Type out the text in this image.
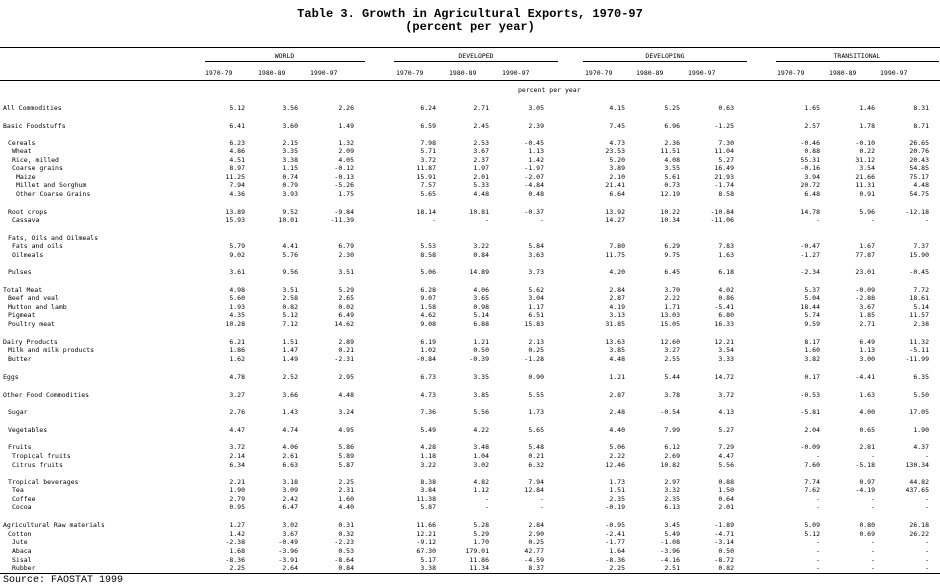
Table 3. Growth in Agricultural Exports, 1970-97
(percent per year)
WORLD	DEVELOPED	DEVELOPING	TRANSITIONAL
1970-79	1980-89	1990-97	1970-79	1980-89	1990-97	1970-79	1980-89	1990-97	1970-79	1980-89	1990-97
percent per year
All Commodities	5.12	3.56	2.26	6.24	2.71	3.05	4.15	5.25	0.63	1.65	1.46	8.31
Basic Foodstuffs	6.41	3.60	1.49	6.59	2.45	2.39	7.45	6.96	-1.25	2.57	1.78	8.71
Cereals	6.23	2.15	1.32	7.98	2.53	-0.45	4.73	2.36	7.30	-0.46	-0.10	26.65
Wheat	4.86	3.35	2.09	5.71	3.67	1.13	23.53	11.51	11.04	0.88	0.22	20.76
Rice, milled	4.51	3.38	4.05	3.72	2.37	1.42	5.20	4.08	5.27	55.31	31.12	20.43
Coarse grains	8.97	1.15	-0.12	11.87	1.97	-1.97	3.89	3.55	16.49	-0.16	3.54	54.85
Maize	11.25	0.74	-0.13	15.91	2.01	-2.07	2.10	5.61	21.93	3.94	21.66	75.17
Millet and Sorghum	7.94	0.79	-5.26	7.57	5.33	-4.84	21.41	0.73	-1.74	20.72	11.31	4.48
Other Coarse Grains	4.36	3.93	1.75	5.65	4.48	0.48	6.64	12.19	8.58	6.48	0.91	54.75
Root crops	13.89	9.52	-9.84	18.14	10.81	-0.37	13.92	10.22	-10.84	14.78	5.96	-12.18
Cassava	15.93	10.01	-11.39	-	-	-	14.27	10.34	-11.06	-	-	-
Fats, Oils and Oilmeals
Fats and oils	5.79	4.41	6.79	5.53	3.22	5.84	7.80	6.29	7.83	-0.47	1.67	7.37
Oilmeals	9.02	5.76	2.30	8.58	0.84	3.63	11.75	9.75	1.63	-1.27	77.87	15.90
Pulses	3.61	9.56	3.51	5.06	14.89	3.73	4.20	6.45	6.18	-2.34	23.01	-0.45
Total Meat	4.98	3.51	5.29	6.28	4.06	5.62	2.84	3.70	4.02	5.37	-0.09	7.72
Beef and veal	5.60	2.58	2.65	9.07	3.65	3.04	2.87	2.22	0.86	5.04	-2.88	18.61
Mutton and lamb	1.93	0.82	0.02	1.58	0.98	1.17	4.19	1.71	-5.41	18.44	3.67	5.14
Pigmeat	4.35	5.12	6.49	4.62	5.14	6.51	3.13	13.03	6.80	5.74	1.85	11.57
Poultry meat	10.28	7.12	14.62	9.08	6.88	15.83	31.85	15.05	16.33	9.59	2.71	2.38
Dairy Products	6.21	1.51	2.89	6.19	1.21	2.13	13.63	12.60	12.21	8.17	6.49	11.32
Milk and milk products	1.86	1.47	0.21	1.02	0.50	0.25	3.85	3.27	3.54	1.60	1.13	-5.11
Butter	1.62	1.49	-2.31	-0.84	-0.39	-1.28	4.48	2.55	3.33	3.82	3.00	-11.99
Eggs	4.78	2.52	2.95	6.73	3.35	0.90	1.21	5.44	14.72	0.17	-4.41	6.35
Other Food Commodities	3.27	3.66	4.48	4.73	3.85	5.55	2.87	3.78	3.72	-0.53	1.63	5.50
Sugar	2.76	1.43	3.24	7.36	5.56	1.73	2.48	-0.54	4.13	-5.81	4.00	17.05
Vegetables	4.47	4.74	4.95	5.49	4.22	5.65	4.40	7.99	5.27	2.04	0.65	1.90
Fruits	3.72	4.06	5.86	4.28	3.48	5.48	5.06	6.12	7.29	-0.09	2.81	4.37
Tropical fruits	2.14	2.61	5.89	1.18	1.04	0.21	2.22	2.69	4.47	-	-	-
Citrus fruits	6.34	6.63	5.87	3.22	3.02	6.32	12.46	10.82	5.56	7.60	-5.18	130.34
Tropical beverages	2.21	3.18	2.25	8.38	4.82	7.94	1.73	2.97	0.88	7.74	0.97	44.82
Tea	1.90	3.09	2.31	3.84	1.12	12.84	1.51	3.32	1.50	7.62	-4.19	437.65
Coffee	2.79	2.42	1.60	11.38	-	-	2.35	2.35	0.64	-	-	-
Cocoa	0.95	6.47	4.40	5.87	-	-	-0.19	6.13	2.01	-	-	-
Agricultural Raw materials	1.27	3.02	0.31	11.66	5.28	2.84	-0.95	3.45	-1.89	5.09	0.80	26.18
Cotton	1.42	3.67	0.32	12.21	5.29	2.90	-2.41	5.49	-4.71	5.12	0.69	26.22
Jute	-2.38	-0.49	-2.23	-9.12	1.70	0.25	-1.77	-1.08	-3.14	-	-	-
Abaca	1.68	-3.96	0.53	67.30	179.01	42.77	1.64	-3.96	0.50	-	-	-
Sisal	-8.36	-3.91	-8.64	5.17	11.86	-4.59	-8.36	-4.16	-8.72	-	-	-
Rubber	2.25	2.64	0.84	3.38	11.34	8.37	2.25	2.51	0.82	-	-	-
Source: FAOSTAT 1999
